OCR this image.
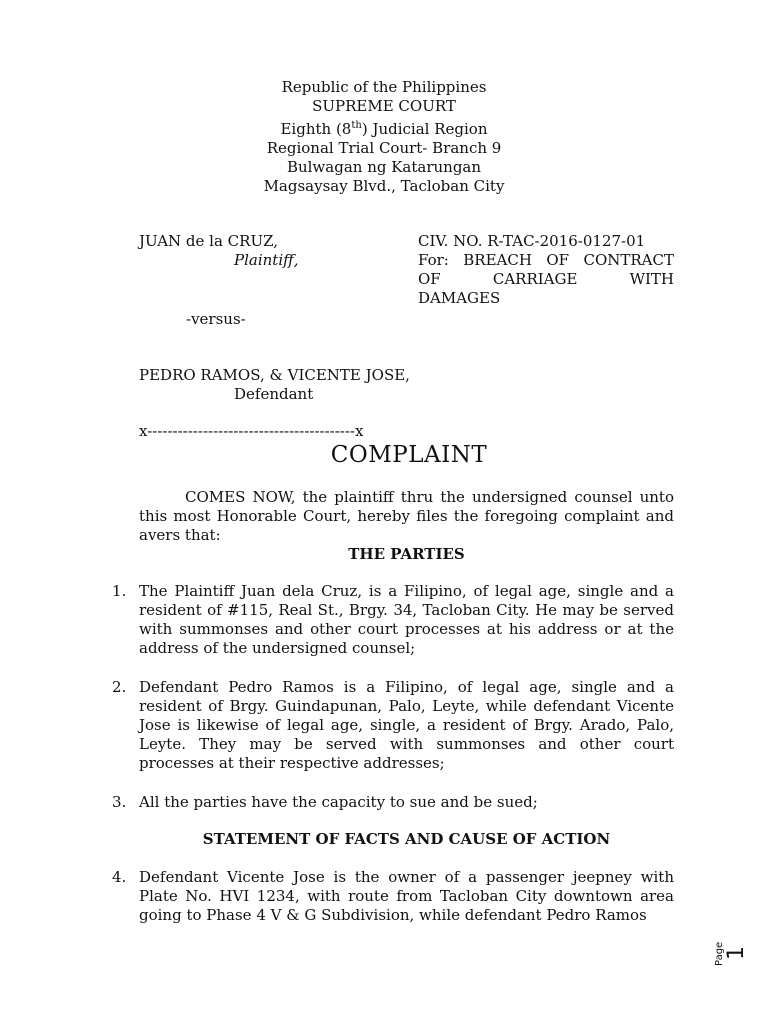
Republic of the Philippines
SUPREME COURT
Eighth (8th) Judicial Region
Regional Trial Court- Branch 9
Bulwagan ng Katarungan
Magsaysay Blvd., Tacloban City
JUAN de la CRUZ,
Plaintiff,
CIV. NO. R-TAC-2016-0127-01
For: BREACH OF CONTRACT
OF CARRIAGE WITH
DAMAGES
-versus-
PEDRO RAMOS, & VICENTE JOSE,
Defendant
x-----------------------------------------x
COMPLAINT
COMES NOW, the plaintiff thru the undersigned counsel unto this most Honorable Court, hereby files the foregoing complaint and avers that:
THE PARTIES
1. The Plaintiff Juan dela Cruz, is a Filipino, of legal age, single and a resident of #115, Real St., Brgy. 34, Tacloban City. He may be served with summonses and other court processes at his address or at the address of the undersigned counsel;
2. Defendant Pedro Ramos is a Filipino, of legal age, single and a resident of Brgy. Guindapunan, Palo, Leyte, while defendant Vicente Jose is likewise of legal age, single, a resident of Brgy. Arado, Palo, Leyte. They may be served with summonses and other court processes at their respective addresses;
3. All the parties have the capacity to sue and be sued;
STATEMENT OF FACTS AND CAUSE OF ACTION
4. Defendant Vicente Jose is the owner of a passenger jeepney with Plate No. HVI 1234, with route from Tacloban City downtown area going to Phase 4 V & G Subdivision, while defendant Pedro Ramos
Page 1
